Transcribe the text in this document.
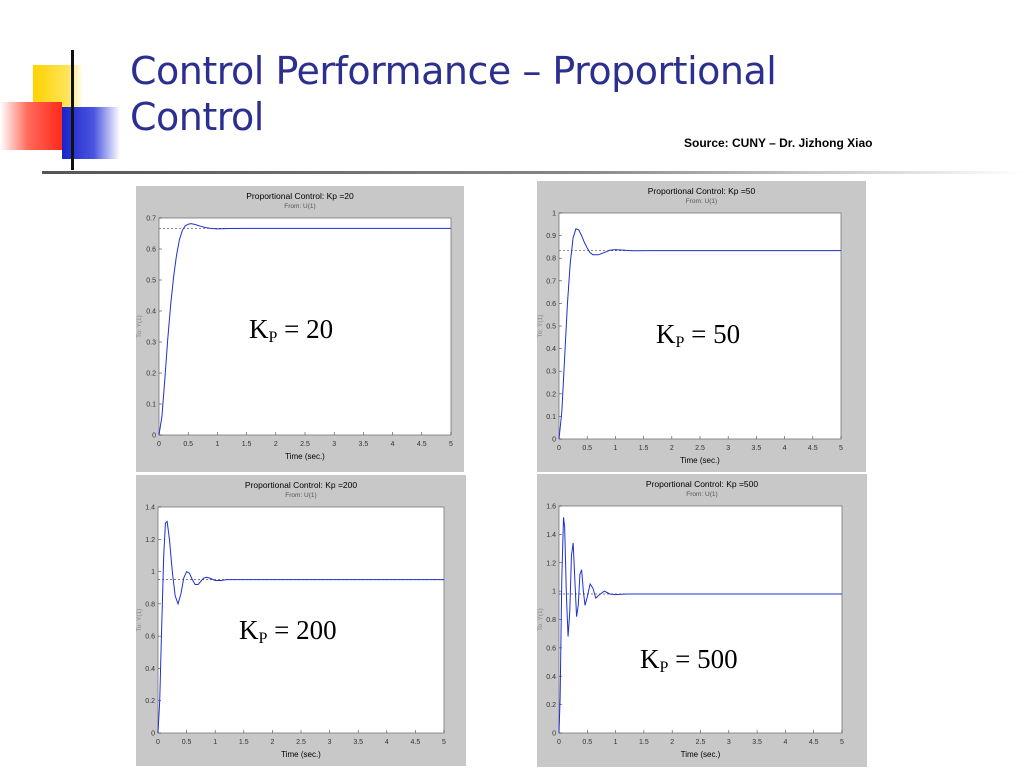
Control Performance – Proportional
Control
Source: CUNY – Dr. Jizhong Xiao
Proportional Control: Kp =20
From: U(1)
0	0.5	1	1.5	2	2.5	3	3.5	4	4.5	5
0
0.1
0.2
0.3
0.4
0.5
0.6
0.7
Time (sec.)
To: Y(1)	$K_P = 20$
Proportional Control: Kp =50
From: U(1)
0	0.5	1	1.5	2	2.5	3	3.5	4	4.5	5
0
0.1
0.2
0.3
0.4
0.5
0.6
0.7
0.8
0.9
1
Time (sec.)
To: Y(1)	$K_P = 50$
Proportional Control: Kp =200
From: U(1)
0	0.5	1	1.5	2	2.5	3	3.5	4	4.5	5
0
0.2
0.4
0.6
0.8
1
1.2
1.4
Time (sec.)
To: Y(1)	$K_P = 200$
Proportional Control: Kp =500
From: U(1)
0	0.5	1	1.5	2	2.5	3	3.5	4	4.5	5
0
0.2
0.4
0.6
0.8
1
1.2
1.4
1.6
Time (sec.)
To: Y(1)
$K_P = 500$
